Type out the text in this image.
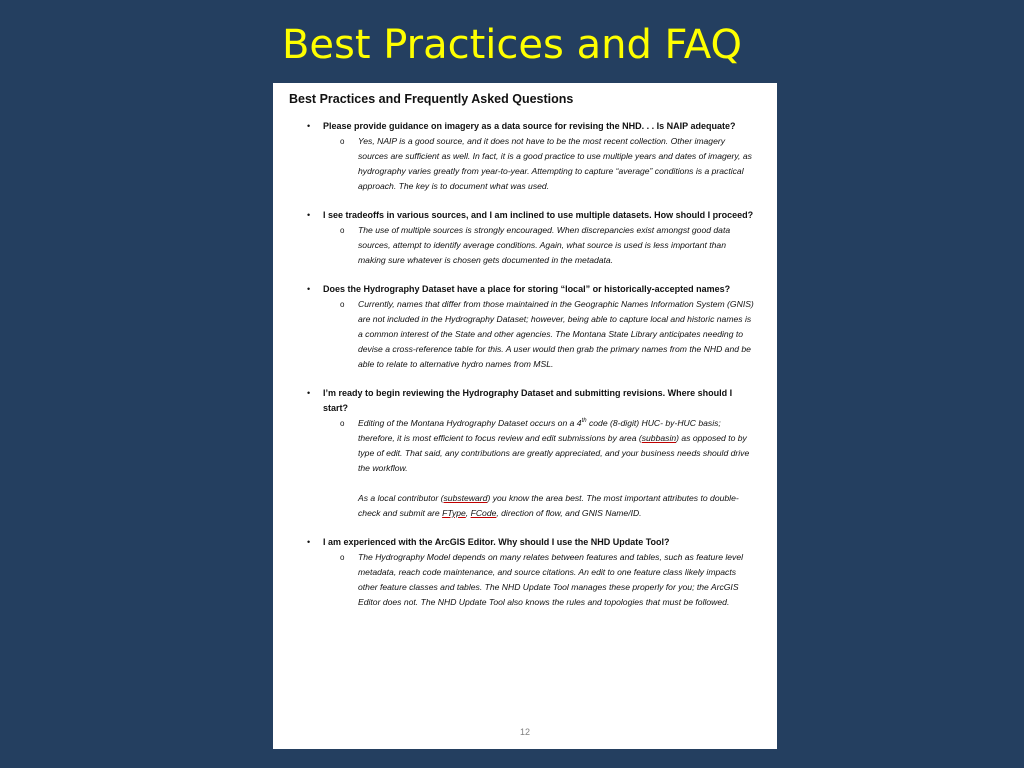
Best Practices and FAQ
Best Practices and Frequently Asked Questions
• Please provide guidance on imagery as a data source for revising the NHD. . . Is NAIP adequate?
o Yes, NAIP is a good source, and it does not have to be the most recent collection. Other imagery sources are sufficient as well. In fact, it is a good practice to use multiple years and dates of imagery, as hydrography varies greatly from year-to-year. Attempting to capture “average” conditions is a practical approach. The key is to document what was used.

• I see tradeoffs in various sources, and I am inclined to use multiple datasets. How should I proceed?
o The use of multiple sources is strongly encouraged. When discrepancies exist amongst good data sources, attempt to identify average conditions. Again, what source is used is less important than making sure whatever is chosen gets documented in the metadata.

• Does the Hydrography Dataset have a place for storing “local” or historically-accepted names?
o Currently, names that differ from those maintained in the Geographic Names Information System (GNIS) are not included in the Hydrography Dataset; however, being able to capture local and historic names is a common interest of the State and other agencies. The Montana State Library anticipates needing to devise a cross-reference table for this. A user would then grab the primary names from the NHD and be able to relate to alternative hydro names from MSL.

• I’m ready to begin reviewing the Hydrography Dataset and submitting revisions. Where should I start?
o Editing of the Montana Hydrography Dataset occurs on a 4th code (8-digit) HUC- by-HUC basis; therefore, it is most efficient to focus review and edit submissions by area (subbasin) as opposed to by type of edit. That said, any contributions are greatly appreciated, and your business needs should drive the workflow.

As a local contributor (substeward) you know the area best. The most important attributes to double-check and submit are FType, FCode, direction of flow, and GNIS Name/ID.

• I am experienced with the ArcGIS Editor. Why should I use the NHD Update Tool?
o The Hydrography Model depends on many relates between features and tables, such as feature level metadata, reach code maintenance, and source citations. An edit to one feature class likely impacts other feature classes and tables. The NHD Update Tool manages these properly for you; the ArcGIS Editor does not. The NHD Update Tool also knows the rules and topologies that must be followed.

12
